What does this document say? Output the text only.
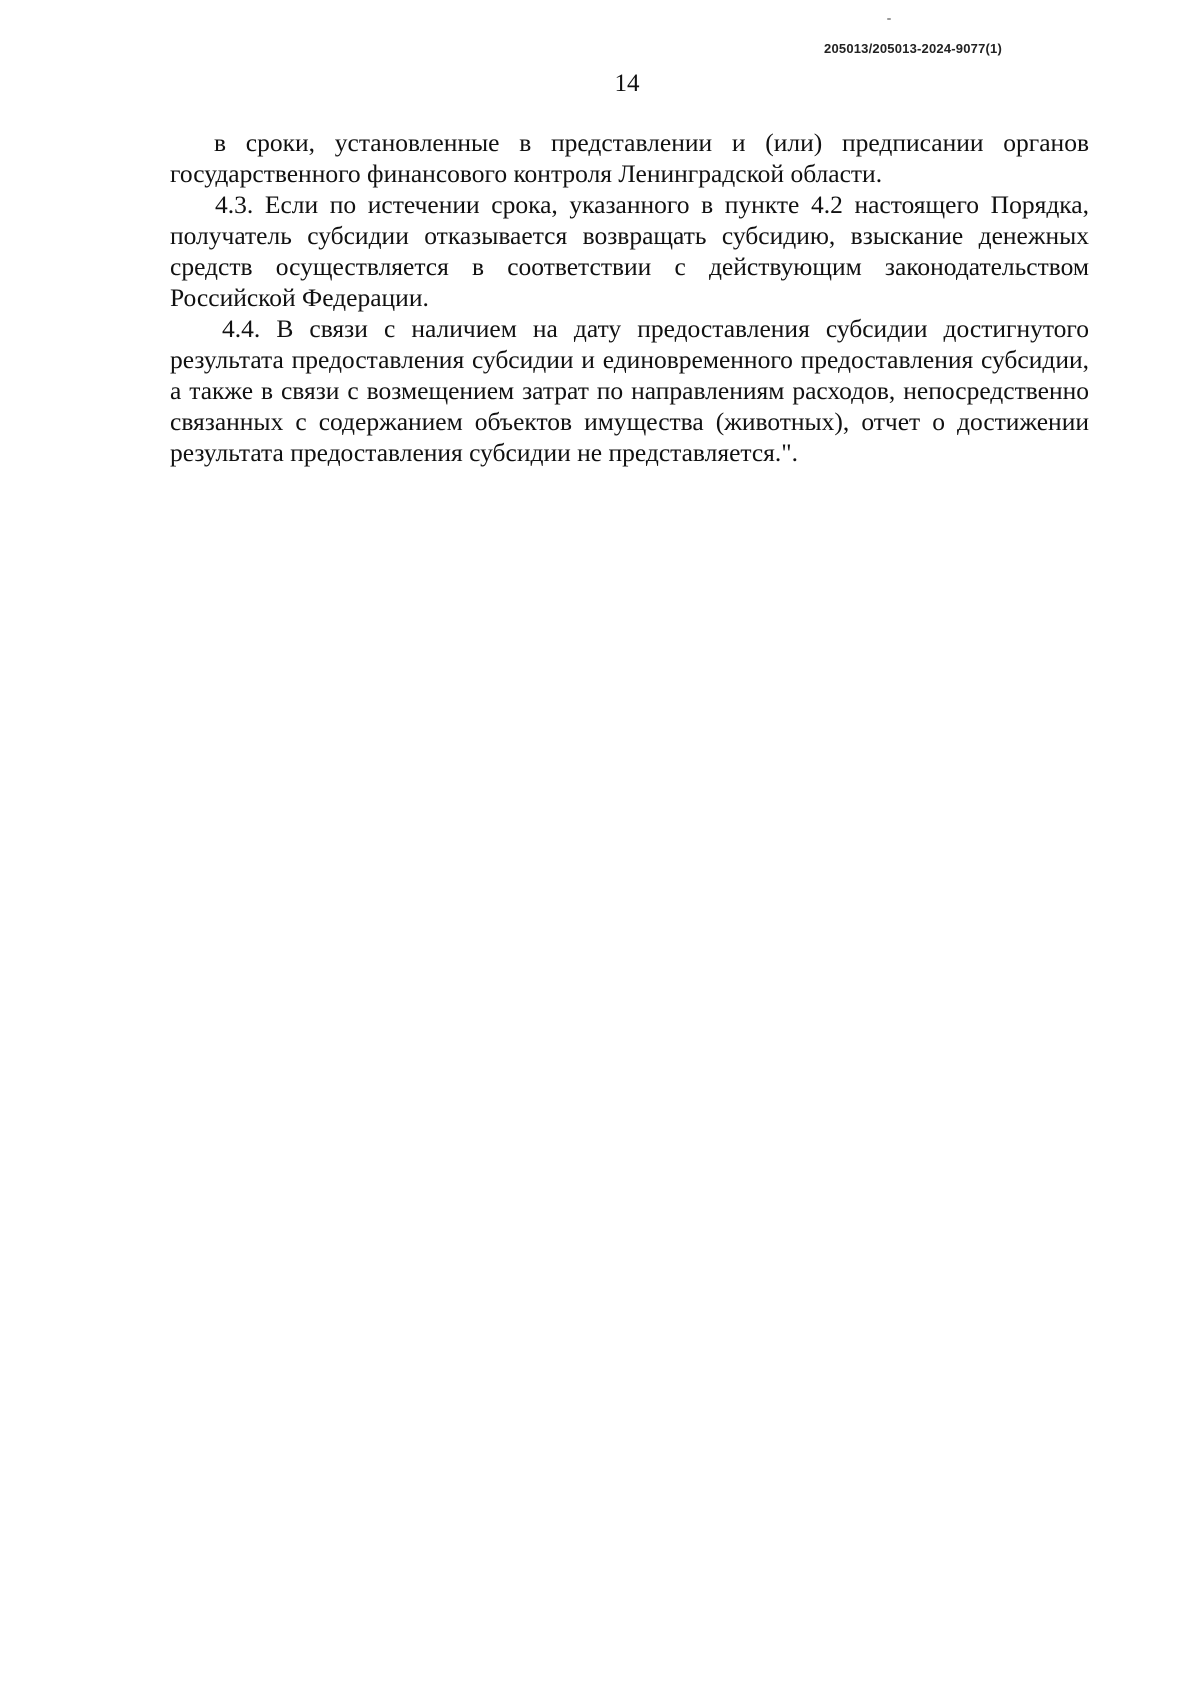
205013/205013-2024-9077(1)
14

в сроки, установленные в представлении и (или) предписании органов государственного финансового контроля Ленинградской области.

4.3. Если по истечении срока, указанного в пункте 4.2 настоящего Порядка, получатель субсидии отказывается возвращать субсидию, взыскание денежных средств осуществляется в соответствии с действующим законодательством Российской Федерации.

4.4. В связи с наличием на дату предоставления субсидии достигнутого результата предоставления субсидии и единовременного предоставления субсидии, а также в связи с возмещением затрат по направлениям расходов, непосредственно связанных с содержанием объектов имущества (животных), отчет о достижении результата предоставления субсидии не представляется.".
